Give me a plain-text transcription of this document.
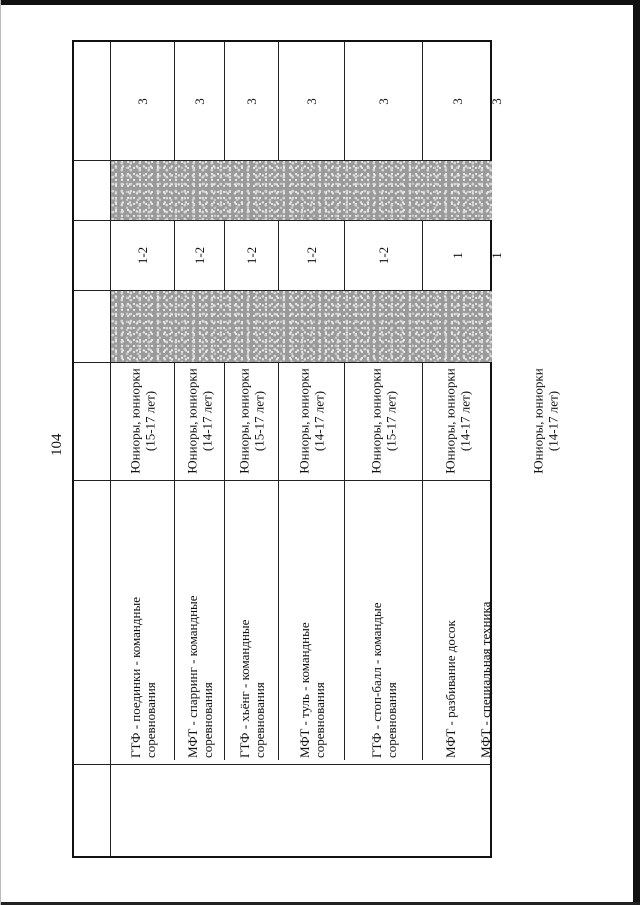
104
3
1-2
Юниоры, юниорки (15-17 лет)
ГТФ - поединки - командные соревнования
3
1-2
Юниоры, юниорки (14-17 лет)
МФТ - спарринг - командные соревнования
3
1-2
Юниоры, юниорки (15-17 лет)
ГТФ - хьёнг - командные соревнования
3
1-2
Юниоры, юниорки (14-17 лет)
МФТ - туль - командные соревнования
3
1-2
Юниоры, юниорки (15-17 лет)
ГТФ - стоп-балл - командые соревнования
3
1
Юниоры, юниорки (14-17 лет)
МФТ - разбивание досок

3
1
Юниоры, юниорки (14-17 лет)
МФТ - специальная техника
